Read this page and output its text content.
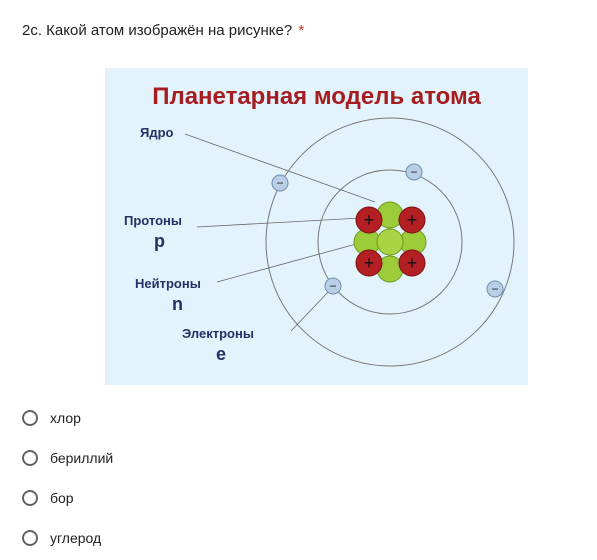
2c. Какой атом изображён на рисунке? *
+ +
+ +
−
−
−	−
Планетарная модель атома
Ядро
Протоны
p
Нейтроны
n
Электроны
e
хлор
бериллий
бор
углерод
